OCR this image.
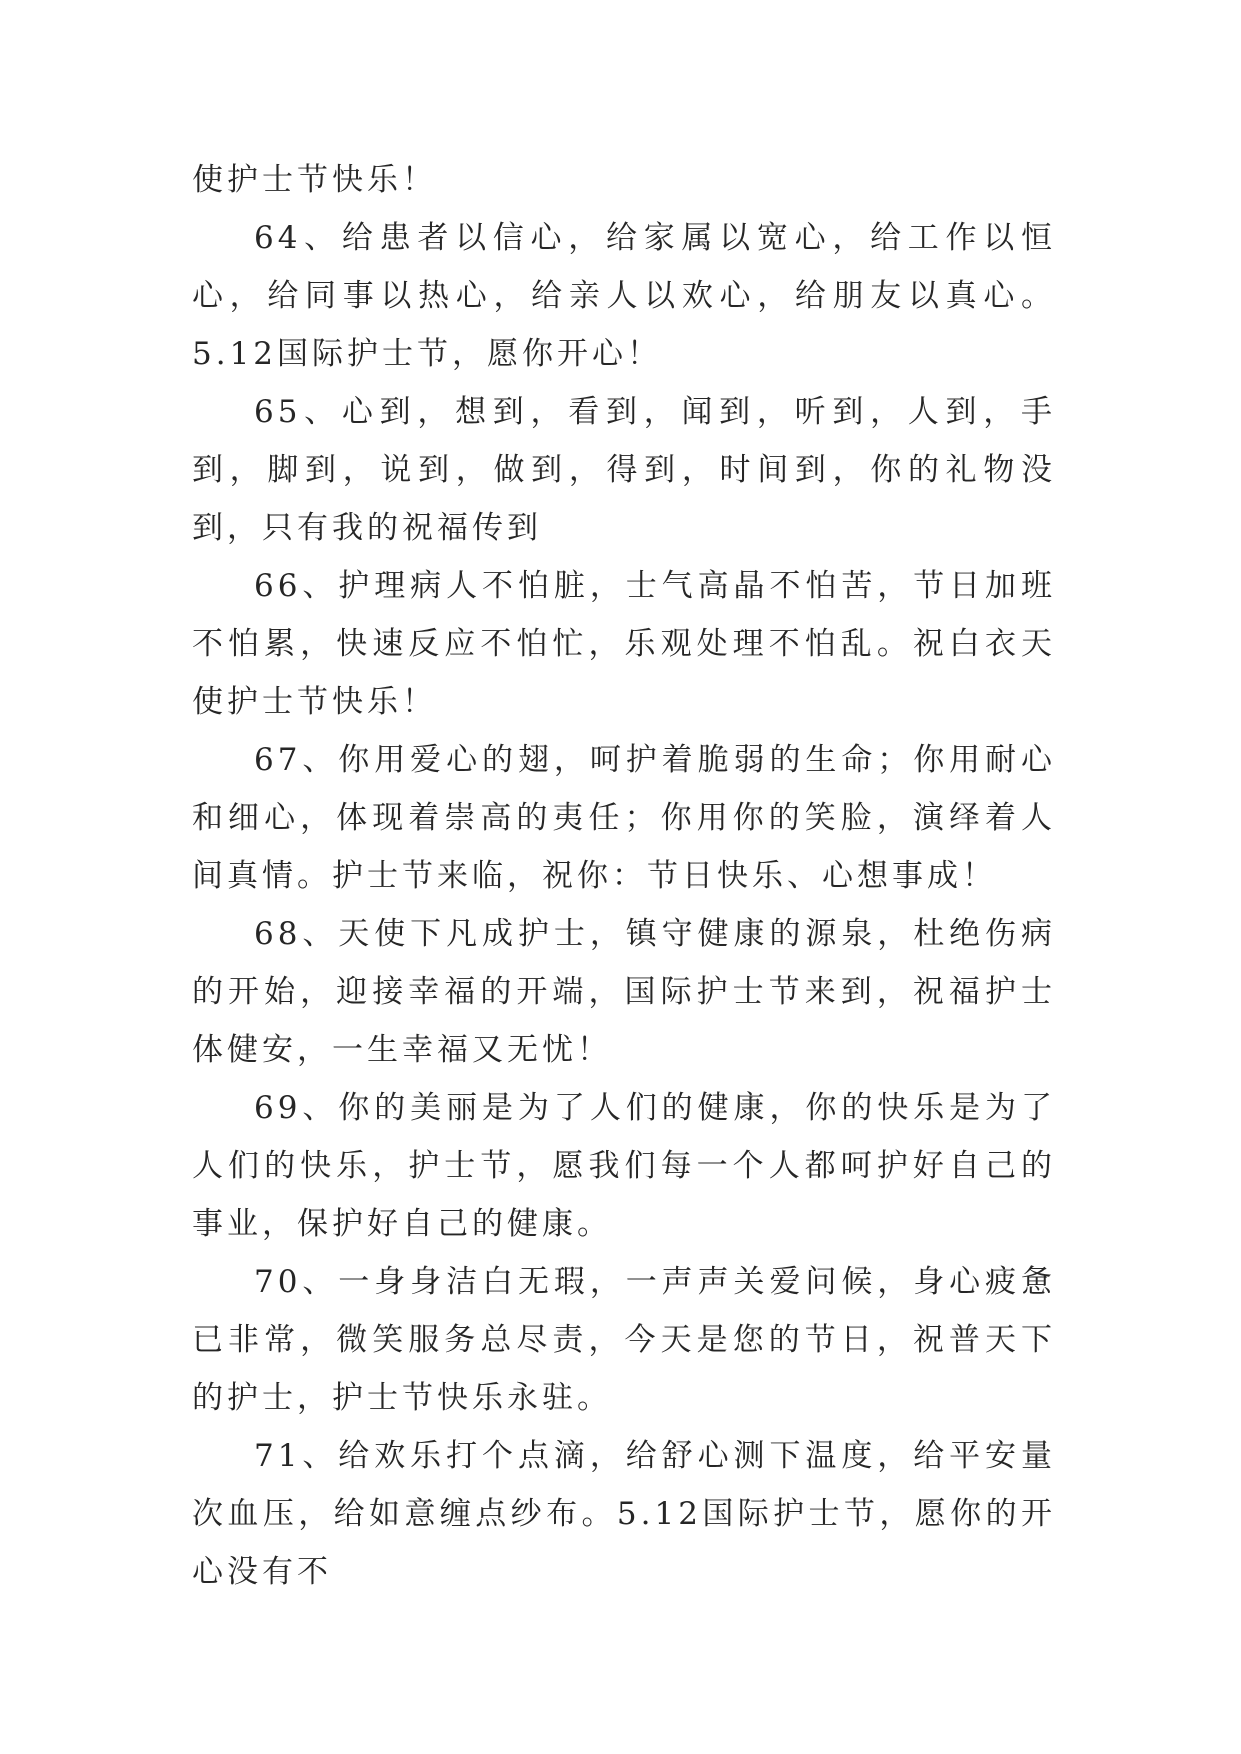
使护士节快乐！

64、给患者以信心，给家属以宽心，给工作以恒心，给同事以热心，给亲人以欢心，给朋友以真心。5.12国际护士节，愿你开心！

65、心到，想到，看到，闻到，听到，人到，手到，脚到，说到，做到，得到，时间到，你的礼物没到，只有我的祝福传到

66、护理病人不怕脏，士气高晶不怕苦，节日加班不怕累，快速反应不怕忙，乐观处理不怕乱。祝白衣天使护士节快乐！

67、你用爱心的翅，呵护着脆弱的生命；你用耐心和细心，体现着崇高的夷任；你用你的笑脸，演绎着人间真情。护士节来临，祝你：节日快乐、心想事成！

68、天使下凡成护士，镇守健康的源泉，杜绝伤病的开始，迎接幸福的开端，国际护士节来到，祝福护士体健安，一生幸福又无忧！

69、你的美丽是为了人们的健康，你的快乐是为了人们的快乐，护士节，愿我们每一个人都呵护好自己的事业，保护好自己的健康。

70、一身身洁白无瑕，一声声关爱问候，身心疲惫已非常，微笑服务总尽责，今天是您的节日，祝普天下的护士，护士节快乐永驻。

71、给欢乐打个点滴，给舒心测下温度，给平安量次血压，给如意缠点纱布。5.12国际护士节，愿你的开心没有不
